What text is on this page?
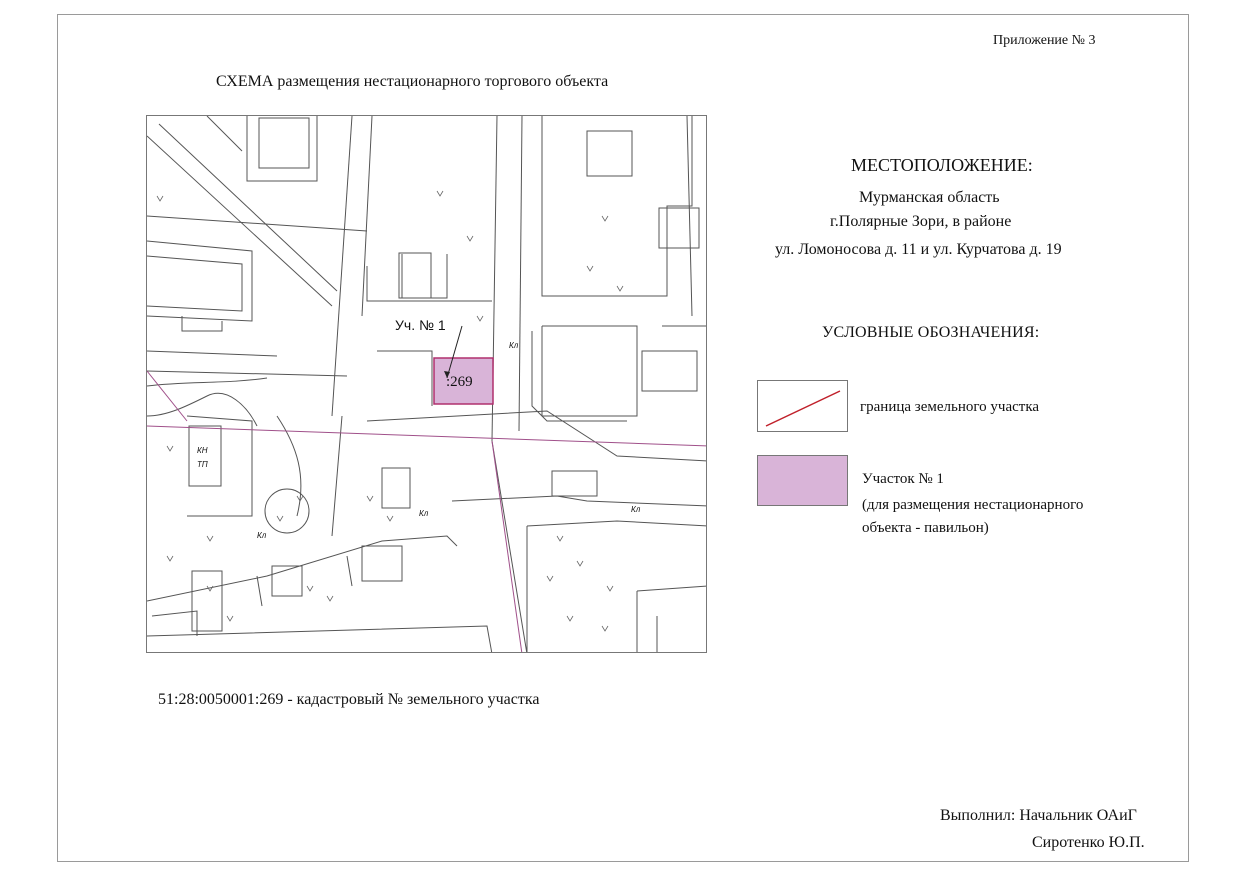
Приложение № 3
СХЕМА размещения нестационарного торгового объекта
Уч. № 1
:269
КН
ТП
Кл
Кл	Кл
Кл
МЕСТОПОЛОЖЕНИЕ:
Мурманская область
г.Полярные Зори, в районе
ул. Ломоносова д. 11 и ул. Курчатова д. 19
УСЛОВНЫЕ ОБОЗНАЧЕНИЯ:
граница земельного участка
Участок № 1
(для размещения нестационарного
объекта - павильон)
51:28:0050001:269 - кадастровый № земельного участка
Выполнил: Начальник ОАиГ
Сиротенко Ю.П.
